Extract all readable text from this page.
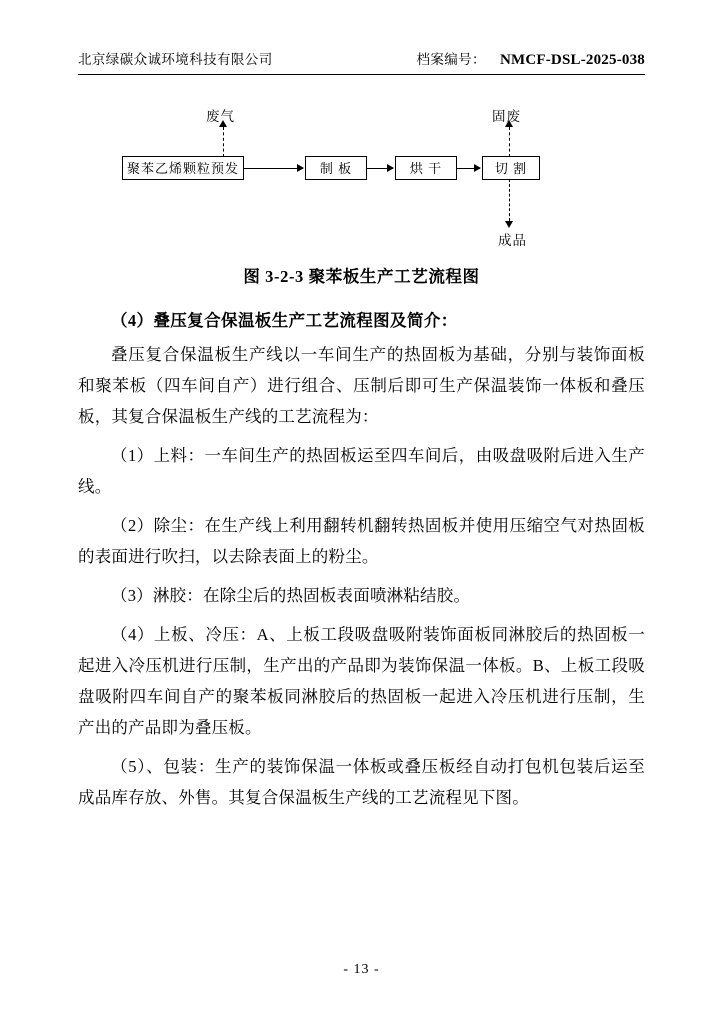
北京绿碳众诚环境科技有限公司	档案编号： NMCF-DSL-2025-038
废气	固废
成品
聚苯乙烯颗粒预发	制 板	烘 干	切 割
图 3-2-3 聚苯板生产工艺流程图
（4）叠压复合保温板生产工艺流程图及简介：

叠压复合保温板生产线以一车间生产的热固板为基础，分别与装饰面板和聚苯板（四车间自产）进行组合、压制后即可生产保温装饰一体板和叠压板，其复合保温板生产线的工艺流程为：

（1）上料：一车间生产的热固板运至四车间后，由吸盘吸附后进入生产线。

（2）除尘：在生产线上利用翻转机翻转热固板并使用压缩空气对热固板的表面进行吹扫，以去除表面上的粉尘。

（3）淋胶：在除尘后的热固板表面喷淋粘结胶。

（4）上板、冷压：A、上板工段吸盘吸附装饰面板同淋胶后的热固板一起进入冷压机进行压制，生产出的产品即为装饰保温一体板。B、上板工段吸盘吸附四车间自产的聚苯板同淋胶后的热固板一起进入冷压机进行压制，生产出的产品即为叠压板。

（5）、包装：生产的装饰保温一体板或叠压板经自动打包机包装后运至成品库存放、外售。其复合保温板生产线的工艺流程见下图。

- 13 -
